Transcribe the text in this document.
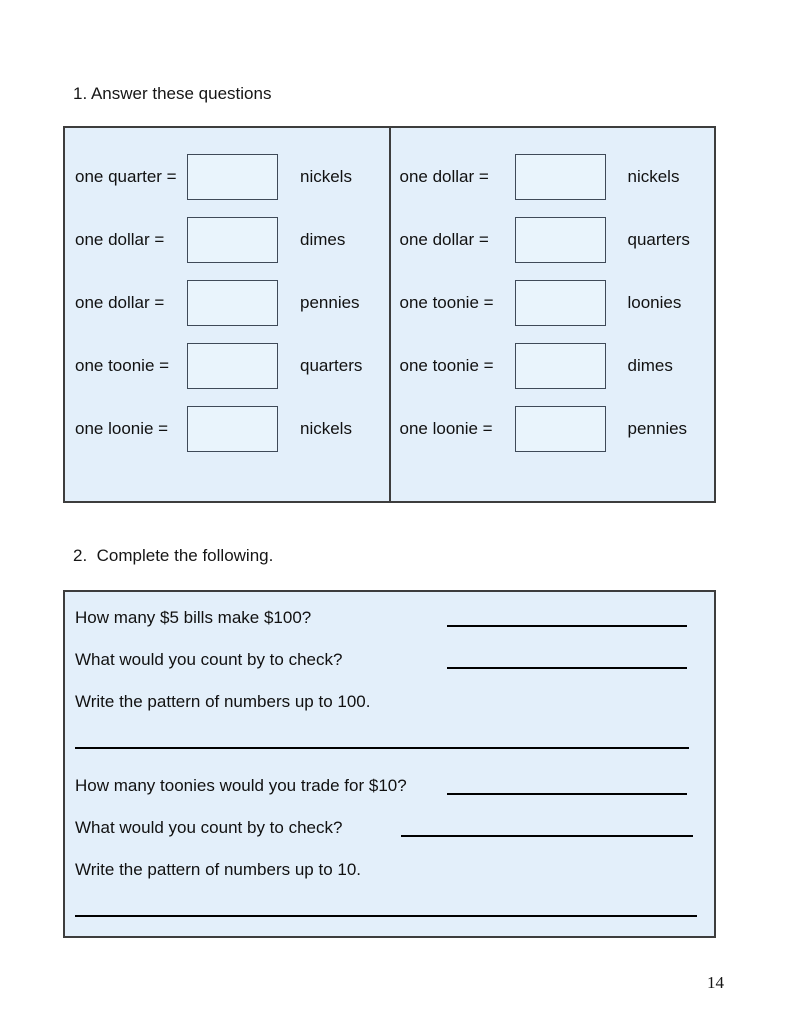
1. Answer these questions
one quarter =	nickels
one dollar =	dimes
one dollar =	pennies
one toonie =	quarters
one loonie =	nickels
one dollar =	nickels
one dollar =	quarters
one toonie =	loonies
one toonie =	dimes
one loonie =	pennies
2.  Complete the following.
How many $5 bills make $100?
What would you count by to check?
Write the pattern of numbers up to 100.
How many toonies would you trade for $10?
What would you count by to check?
Write the pattern of numbers up to 10.
14
